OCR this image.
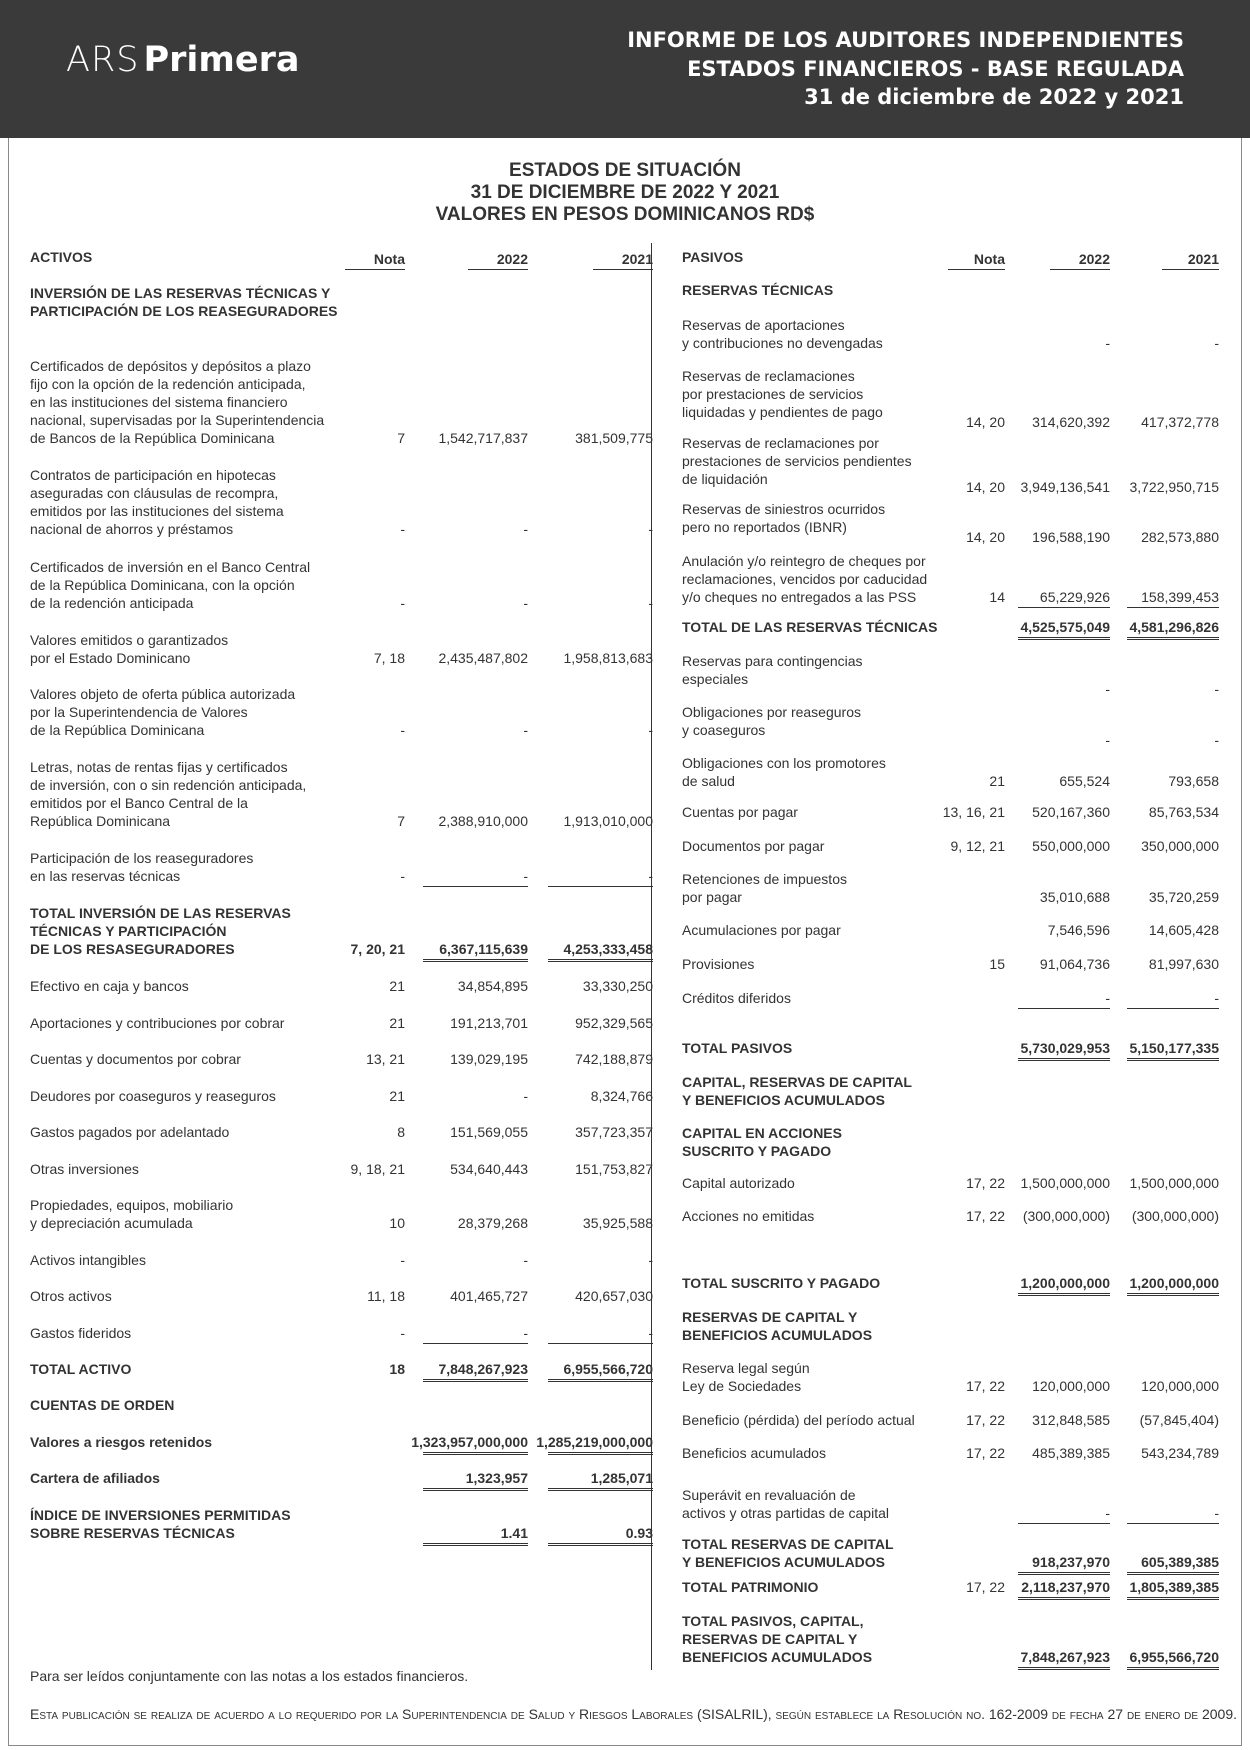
ARS Primera	INFORME DE LOS AUDITORES INDEPENDIENTES
ESTADOS FINANCIEROS - BASE REGULADA
31 de diciembre de 2022 y 2021
ESTADOS DE SITUACIÓN
31 DE DICIEMBRE DE 2022 Y 2021
VALORES EN PESOS DOMINICANOS RD$
ACTIVOS	Nota	2022	2021 PASIVOS	Nota	2022	2021
INVERSIÓN DE LAS RESERVAS TÉCNICAS Y
PARTICIPACIÓN DE LOS REASEGURADORES
Certificados de depósitos y depósitos a plazo
fijo con la opción de la redención anticipada,
en las instituciones del sistema financiero
nacional, supervisadas por la Superintendencia
de Bancos de la República Dominicana	7	1,542,717,837	381,509,775
Contratos de participación en hipotecas
aseguradas con cláusulas de recompra,
emitidos por las instituciones del sistema
nacional de ahorros y préstamos	-	-	-
Certificados de inversión en el Banco Central
de la República Dominicana, con la opción
de la redención anticipada	-	-	-
Valores emitidos o garantizados
por el Estado Dominicano	7, 18	2,435,487,802	1,958,813,683
Valores objeto de oferta pública autorizada
por la Superintendencia de Valores
de la República Dominicana	-	-	-
Letras, notas de rentas fijas y certificados
de inversión, con o sin redención anticipada,
emitidos por el Banco Central de la
República Dominicana	7	2,388,910,000	1,913,010,000
Participación de los reaseguradores
en las reservas técnicas	-	-	-
TOTAL INVERSIÓN DE LAS RESERVAS
TÉCNICAS Y PARTICIPACIÓN
DE LOS RESASEGURADORES	7, 20, 21	6,367,115,639	4,253,333,458
Efectivo en caja y bancos	21	34,854,895	33,330,250
Aportaciones y contribuciones por cobrar	21	191,213,701	952,329,565
Cuentas y documentos por cobrar	13, 21	139,029,195	742,188,879
Deudores por coaseguros y reaseguros	21	-	8,324,766
Gastos pagados por adelantado	8	151,569,055	357,723,357
Otras inversiones	9, 18, 21	534,640,443	151,753,827
Propiedades, equipos, mobiliario
y depreciación acumulada	10	28,379,268	35,925,588
Activos intangibles	-	-	-
Otros activos	11, 18	401,465,727	420,657,030
Gastos fideridos	-	-	-
TOTAL ACTIVO	18	7,848,267,923	6,955,566,720
CUENTAS DE ORDEN
Valores a riesgos retenidos	1,323,957,000,000 1,285,219,000,000
Cartera de afiliados	1,323,957	1,285,071
ÍNDICE DE INVERSIONES PERMITIDAS
SOBRE RESERVAS TÉCNICAS	1.41	0.93
RESERVAS TÉCNICAS
Reservas de aportaciones
y contribuciones no devengadas	-	-
Reservas de reclamaciones
por prestaciones de servicios
liquidadas y pendientes de pago
14, 20	314,620,392	417,372,778
Reservas de reclamaciones por
prestaciones de servicios pendientes
de liquidación	14, 20	3,949,136,541	3,722,950,715
Reservas de siniestros ocurridos
pero no reportados (IBNR)
14, 20	196,588,190	282,573,880
Anulación y/o reintegro de cheques por
reclamaciones, vencidos por caducidad
y/o cheques no entregados a las PSS	14	65,229,926	158,399,453
TOTAL DE LAS RESERVAS TÉCNICAS	4,525,575,049	4,581,296,826
Reservas para contingencias
especiales
-	-
Obligaciones por reaseguros
y coaseguros
-	-
Obligaciones con los promotores
de salud	21	655,524	793,658
Cuentas por pagar	13, 16, 21	520,167,360	85,763,534
Documentos por pagar	9, 12, 21	550,000,000	350,000,000
Retenciones de impuestos
por pagar	35,010,688	35,720,259
Acumulaciones por pagar	7,546,596	14,605,428
Provisiones	15	91,064,736	81,997,630
Créditos diferidos	-	-
TOTAL PASIVOS	5,730,029,953	5,150,177,335
CAPITAL, RESERVAS DE CAPITAL
Y BENEFICIOS ACUMULADOS
CAPITAL EN ACCIONES
SUSCRITO Y PAGADO
Capital autorizado	17, 22	1,500,000,000	1,500,000,000
Acciones no emitidas	17, 22	(300,000,000)	(300,000,000)
TOTAL SUSCRITO Y PAGADO	1,200,000,000	1,200,000,000
RESERVAS DE CAPITAL Y
BENEFICIOS ACUMULADOS
Reserva legal según
Ley de Sociedades	17, 22	120,000,000	120,000,000
Beneficio (pérdida) del período actual	17, 22	312,848,585	(57,845,404)
Beneficios acumulados	17, 22	485,389,385	543,234,789
Superávit en revaluación de
activos y otras partidas de capital	-	-
TOTAL RESERVAS DE CAPITAL
Y BENEFICIOS ACUMULADOS	918,237,970	605,389,385
TOTAL PATRIMONIO	17, 22	2,118,237,970	1,805,389,385
TOTAL PASIVOS, CAPITAL,
RESERVAS DE CAPITAL Y
BENEFICIOS ACUMULADOS	7,848,267,923	6,955,566,720
Para ser leídos conjuntamente con las notas a los estados financieros.
Esta publicación se realiza de acuerdo a lo requerido por la Superintendencia de Salud y Riesgos Laborales (SISALRIL), según establece la Resolución no. 162-2009 de fecha 27 de enero de 2009.
